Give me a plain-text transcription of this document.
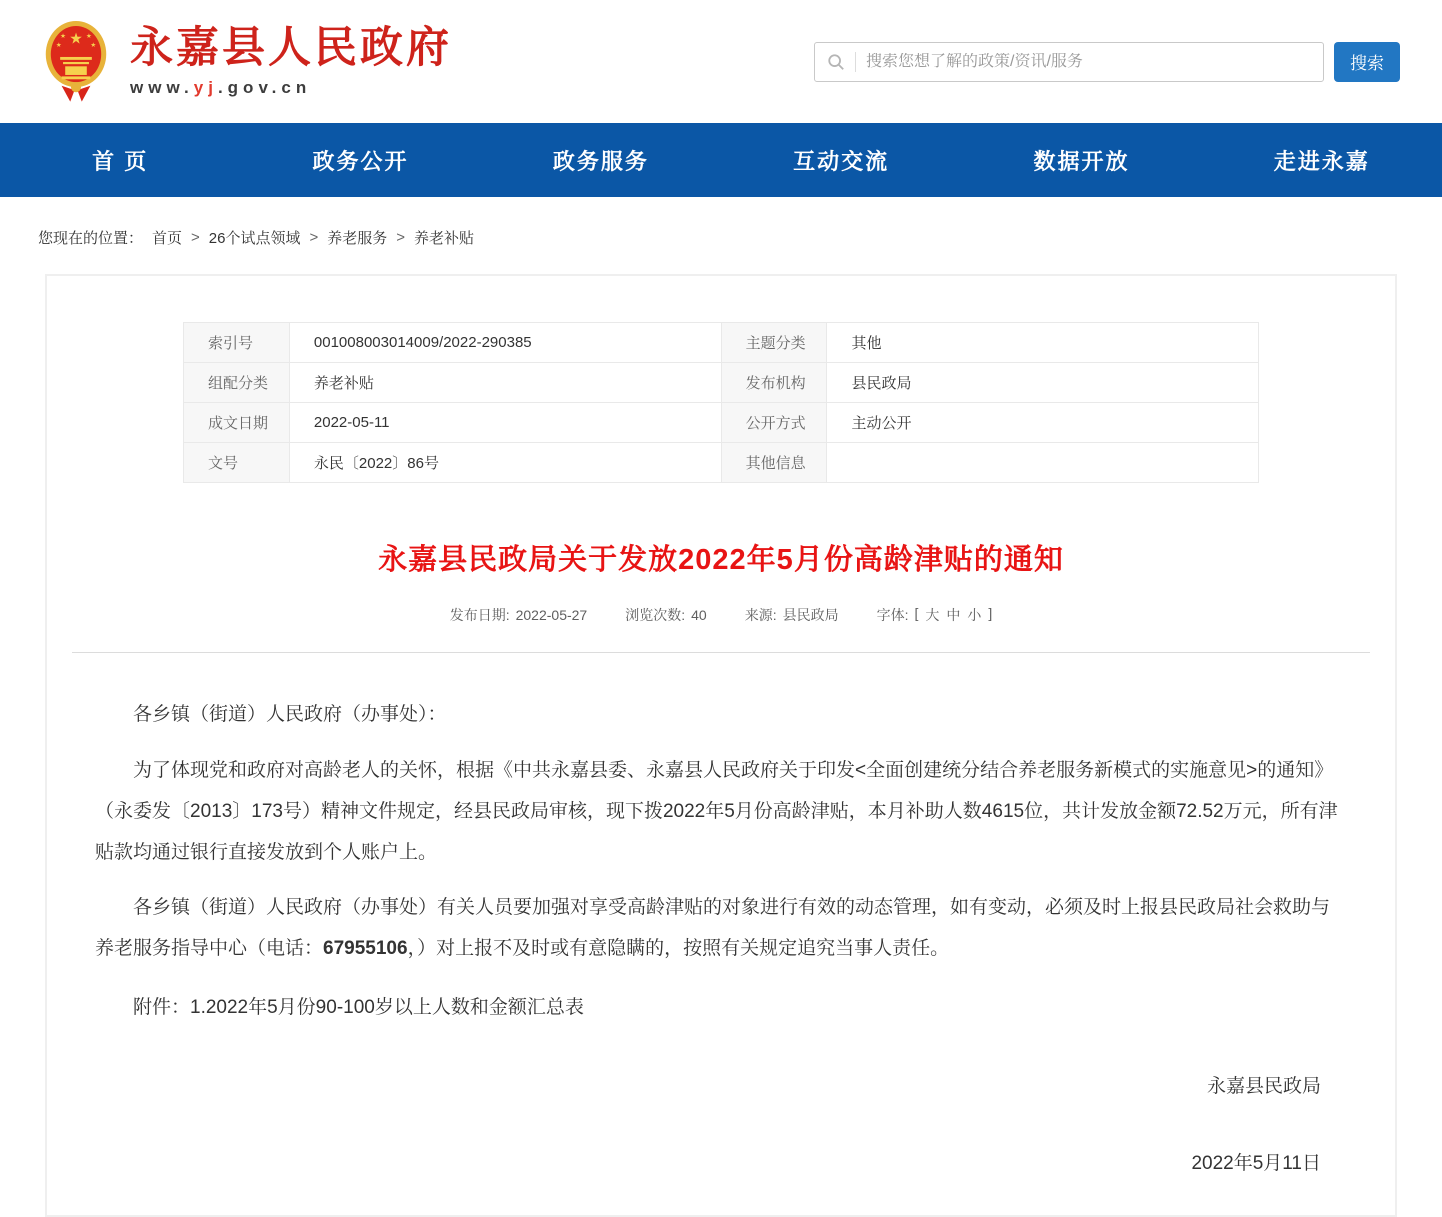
★
★ ★
★	★ 永嘉县人民政府
www.yj.gov.cn
搜索您想了解的政策/资讯/服务
搜索
首 页	政务公开	政务服务	互动交流	数据开放	走进永嘉
您现在的位置： 首页 > 26个试点领域 > 养老服务 > 养老补贴
索引号	001008003014009/2022-290385	主题分类	其他
组配分类	养老补贴	发布机构	县民政局
成文日期	2022-05-11	公开方式	主动公开
文号	永民〔2022〕86号	其他信息	
永嘉县民政局关于发放2022年5月份高龄津贴的通知
发布日期: 2022-05-27	浏览次数: 40	来源: 县民政局	字体: [ 大 中 小 ]

各乡镇（街道）人民政府（办事处）：

为了体现党和政府对高龄老人的关怀，根据《中共永嘉县委、永嘉县人民政府关于印发<全面创建统分结合养老服务新模式的实施意见>的通知》（永委发〔2013〕173号）精神文件规定，经县民政局审核，现下拨2022年5月份高龄津贴，本月补助人数4615位，共计发放金额72.52万元，所有津贴款均通过银行直接发放到个人账户上。

各乡镇（街道）人民政府（办事处）有关人员要加强对享受高龄津贴的对象进行有效的动态管理，如有变动，必须及时上报县民政局社会救助与养老服务指导中心（电话：67955106，）对上报不及时或有意隐瞒的，按照有关规定追究当事人责任。

附件：1.2022年5月份90-100岁以上人数和金额汇总表

永嘉县民政局
2022年5月11日
